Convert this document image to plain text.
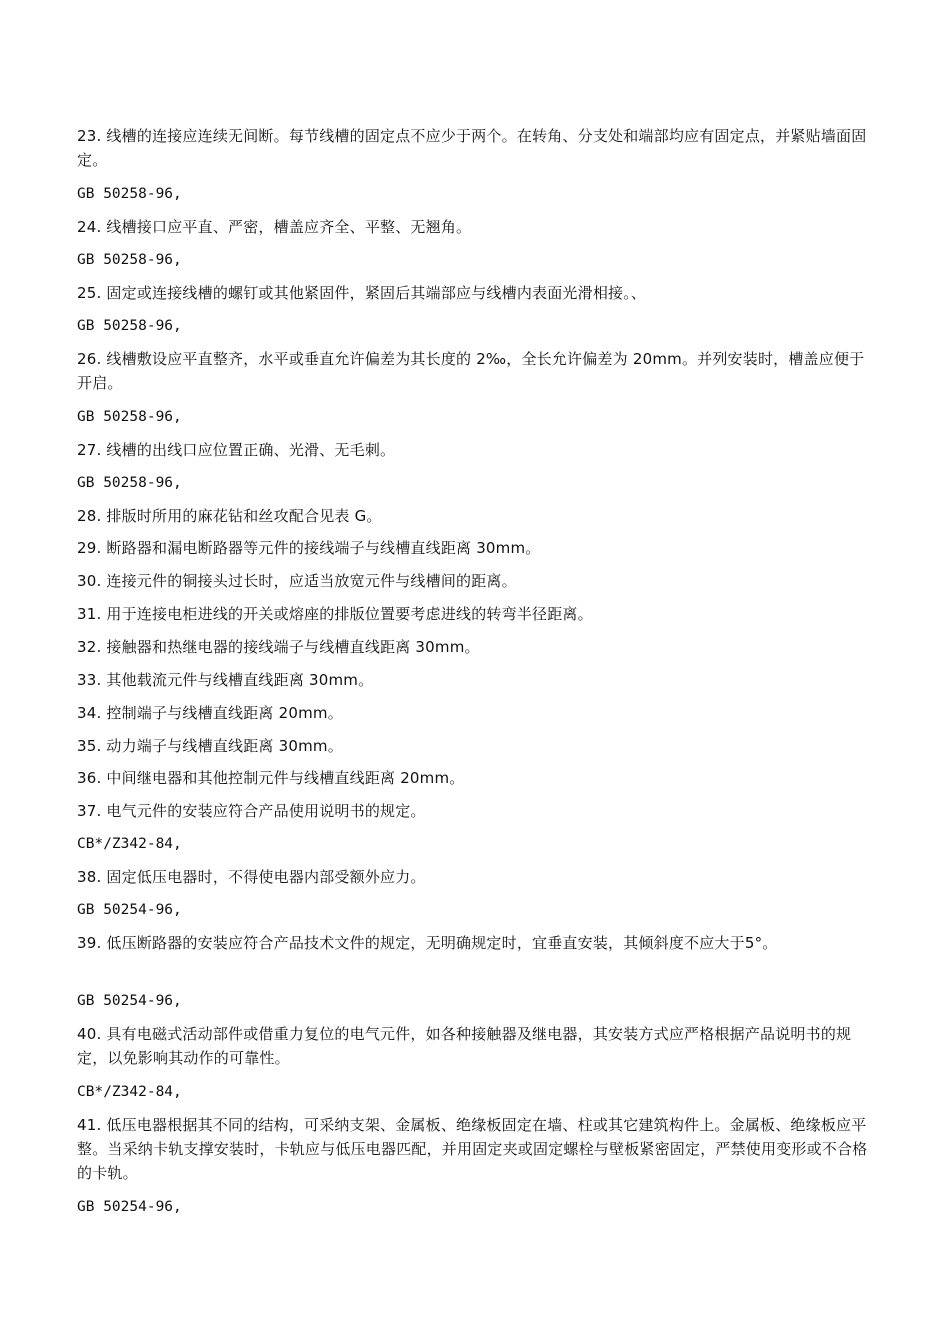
23. 线槽的连接应连续无间断。每节线槽的固定点不应少于两个。在转角、分支处和端部均应有固定点，并紧贴墙面固定。

GB 50258-96,

24. 线槽接口应平直、严密，槽盖应齐全、平整、无翘角。

GB 50258-96,

25. 固定或连接线槽的螺钉或其他紧固件，紧固后其端部应与线槽内表面光滑相接。、

GB 50258-96,

26. 线槽敷设应平直整齐，水平或垂直允许偏差为其长度的 2‰，全长允许偏差为 20mm。并列安装时，槽盖应便于开启。

GB 50258-96,

27. 线槽的出线口应位置正确、光滑、无毛刺。

GB 50258-96,

28. 排版时所用的麻花钻和丝攻配合见表 G。

29. 断路器和漏电断路器等元件的接线端子与线槽直线距离 30mm。

30. 连接元件的铜接头过长时，应适当放宽元件与线槽间的距离。

31. 用于连接电柜进线的开关或熔座的排版位置要考虑进线的转弯半径距离。

32. 接触器和热继电器的接线端子与线槽直线距离 30mm。

33. 其他载流元件与线槽直线距离 30mm。

34. 控制端子与线槽直线距离 20mm。

35. 动力端子与线槽直线距离 30mm。

36. 中间继电器和其他控制元件与线槽直线距离 20mm。

37. 电气元件的安装应符合产品使用说明书的规定。

CB*/Z342-84,

38. 固定低压电器时，不得使电器内部受额外应力。

GB 50254-96,

39. 低压断路器的安装应符合产品技术文件的规定，无明确规定时，宜垂直安装，其倾斜度不应大于5°。

GB 50254-96,

40. 具有电磁式活动部件或借重力复位的电气元件，如各种接触器及继电器，其安装方式应严格根据产品说明书的规定，以免影响其动作的可靠性。

CB*/Z342-84,

41. 低压电器根据其不同的结构，可采纳支架、金属板、绝缘板固定在墙、柱或其它建筑构件上。金属板、绝缘板应平整。当采纳卡轨支撑安装时，卡轨应与低压电器匹配，并用固定夹或固定螺栓与壁板紧密固定，严禁使用变形或不合格的卡轨。

GB 50254-96,
